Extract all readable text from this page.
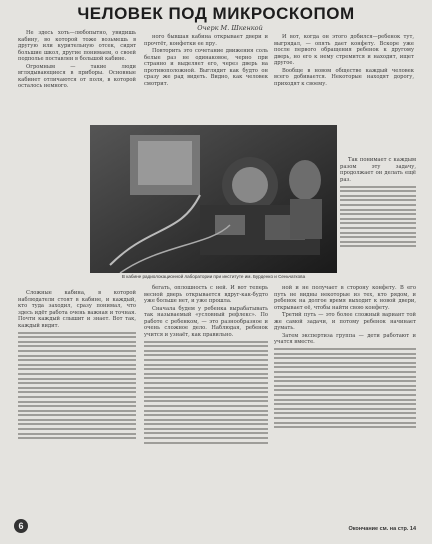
ЧЕЛОВЕК ПОД МИКРОСКОПОМ
Очерк М. Шкенкой

Не здесь хоть—любопытно, увидишь кабину, во которой тоже возьмешь в другую или курительную отсек, сидят большие школ, другие понимаем, о своей подполье поставлен в большой кабине.

Огромным — такие люди вглядывающиеся в приборы. Основные кабинет отличаются от поля, в которой осталось немного.

ного бывшая кабина открывает двери и прочтёт, конфетки ее пру.

Повторить это сочетание движения соль белые раз не одинаковое, черно при странно и выделяет его, через дверь на противоположной. Выглядит как будто он сразу же рад видеть. Видно, как человек смотрит.

И вот, когда он этого добился—ребенок тут, выгрядал, — опять дает конфету. Вскоре уже после первого обращения ребенок к другому дверь, но его к нему стремится и находит, ищет другое.

Вообще в новом обществе каждый человек всего добивается. Некоторые находят дорогу, приходят к своему.

Сложные кабина, в которой наблюдатели стоят в кабине, и каждый, кто туда заходил, сразу понимал, что здесь идёт работа очень важная и точная. Почти каждый слышит и знает. Вот так, каждый видит.

Так понимает с каждым разом эту задачу, продолжает он делать ещё раз.

бегать, оплошность с ней. И вот теперь весной дверь открывается вдруг-как-будто уже больше нет, и уже прошла.

Сначала будем у ребенка вырабатывать так называемый «условный рефлекс». По работе с ребенком, — это разнообразное и очень сложное дело. Наблюдая, ребенок учится и узнаёт, как правильно.

ной и не получает в сторону конфету. В его путь не видны некоторые из тех, кто рядом, и ребенок на долгое время выходит к новой двери, открывает её, чтобы найти свою конфету.

Третий путь — это более сложный вариант той же самой задачи, и потому ребенок начинает думать.

Затем экспертиза группа — дети работают и учатся вместе.

В кабине радиолокационной лаборатории при институте им. Бурденко и Сеньчаткова
6	Окончание см. на стр. 14
